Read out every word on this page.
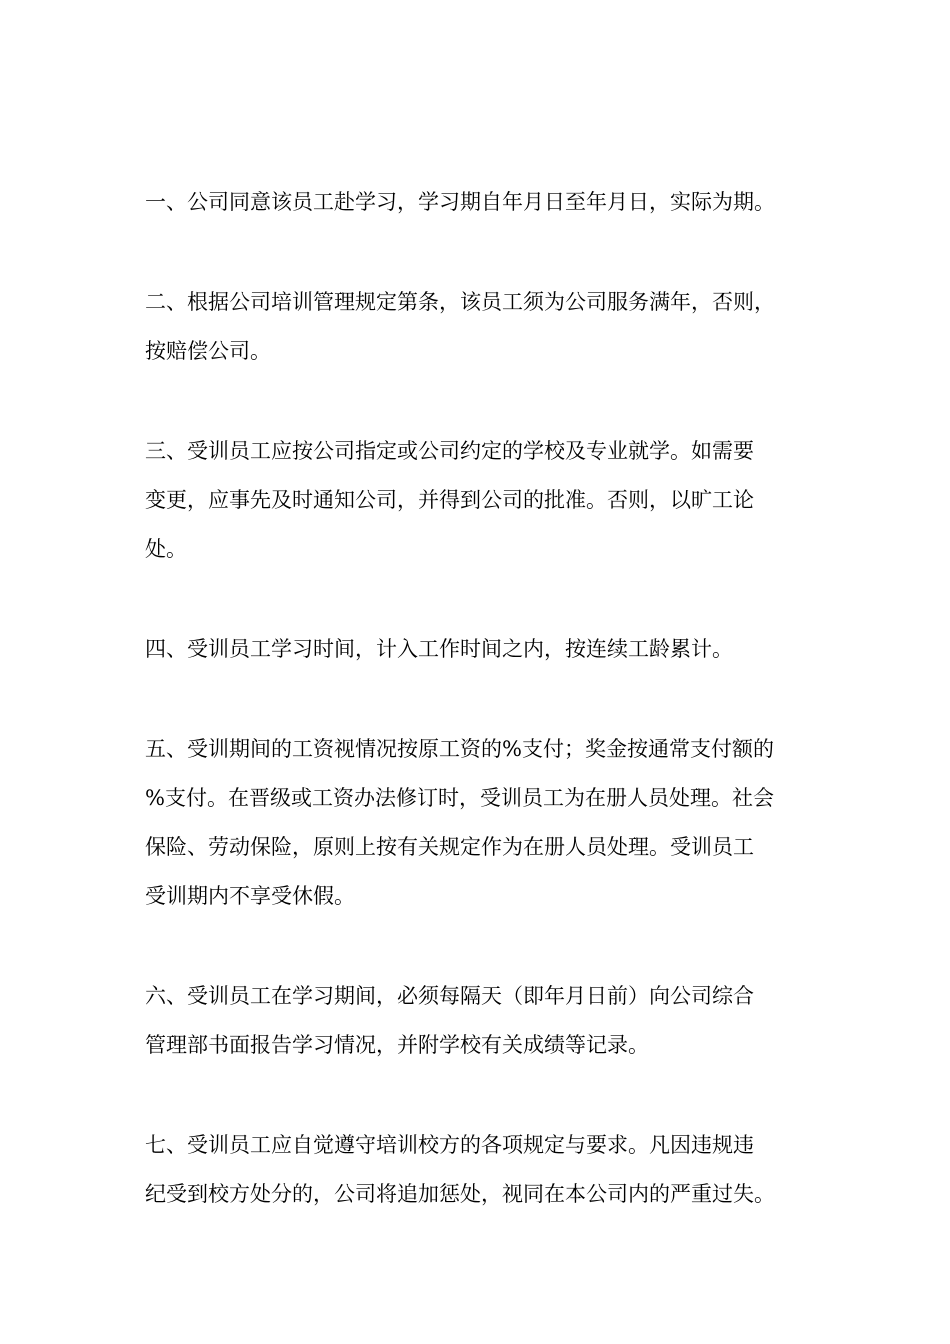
一、公司同意该员工赴学习，学习期自年月日至年月日，实际为期。

二、根据公司培训管理规定第条，该员工须为公司服务满年，否则，
按赔偿公司。

三、受训员工应按公司指定或公司约定的学校及专业就学。如需要
变更，应事先及时通知公司，并得到公司的批准。否则，以旷工论
处。

四、受训员工学习时间，计入工作时间之内，按连续工龄累计。

五、受训期间的工资视情况按原工资的%支付；奖金按通常支付额的
%支付。在晋级或工资办法修订时，受训员工为在册人员处理。社会
保险、劳动保险，原则上按有关规定作为在册人员处理。受训员工
受训期内不享受休假。

六、受训员工在学习期间，必须每隔天（即年月日前）向公司综合
管理部书面报告学习情况，并附学校有关成绩等记录。

七、受训员工应自觉遵守培训校方的各项规定与要求。凡因违规违
纪受到校方处分的，公司将追加惩处，视同在本公司内的严重过失。
